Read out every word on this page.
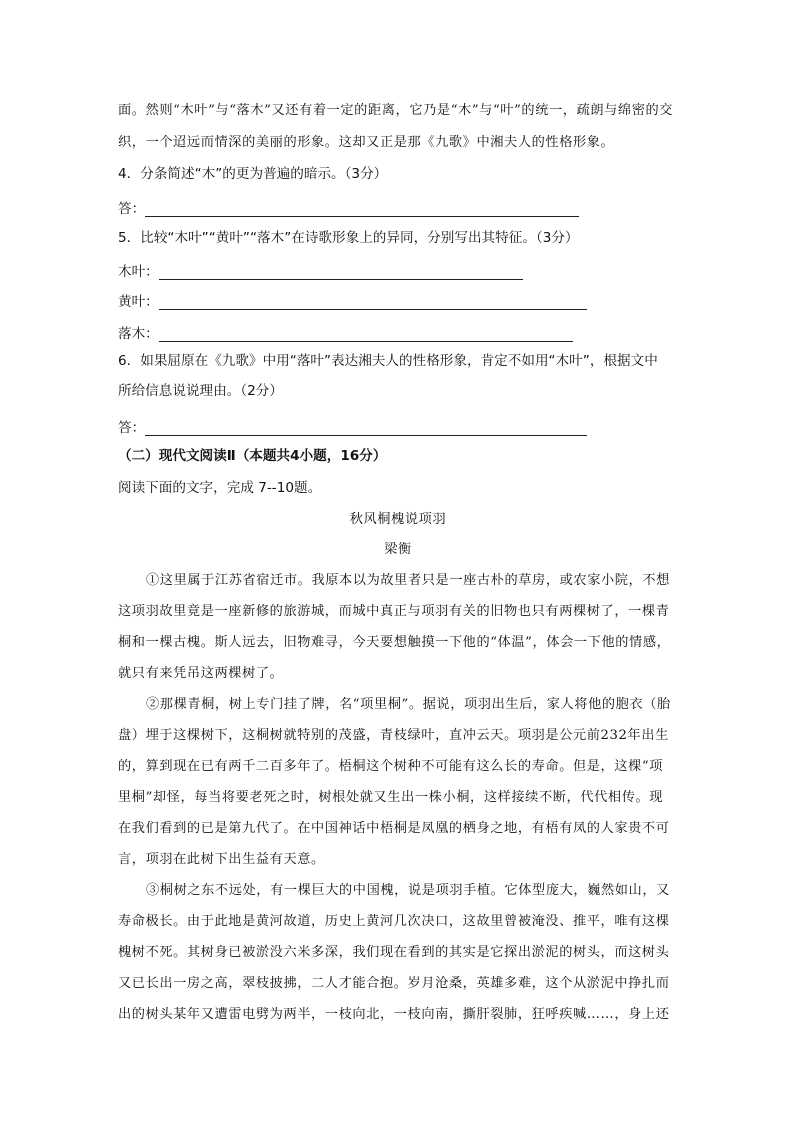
面。然则“木叶”与“落木”又还有着一定的距离，它乃是“木”与“叶”的统一，疏朗与绵密的交
织，一个迢远而情深的美丽的形象。这却又正是那《九歌》中湘夫人的性格形象。
4．分条简述“木”的更为普遍的暗示。（3分）
答：
5．比较“木叶”“黄叶”“落木”在诗歌形象上的异同，分别写出其特征。（3分）
木叶：
黄叶：
落木：
6．如果屈原在《九歌》中用“落叶”表达湘夫人的性格形象，肯定不如用“木叶”，根据文中
所给信息说说理由。（2分）
答：
（二）现代文阅读Ⅱ（本题共4小题，16分）
阅读下面的文字，完成 7--10题。
秋风桐槐说项羽
梁衡
①这里属于江苏省宿迁市。我原本以为故里者只是一座古朴的草房，或农家小院，不想
这项羽故里竟是一座新修的旅游城，而城中真正与项羽有关的旧物也只有两棵树了，一棵青
桐和一棵古槐。斯人远去，旧物难寻，今天要想触摸一下他的“体温”，体会一下他的情感，
就只有来凭吊这两棵树了。
②那棵青桐，树上专门挂了牌，名“项里桐”。据说，项羽出生后，家人将他的胞衣（胎
盘）埋于这棵树下，这桐树就特别的茂盛，青枝绿叶，直冲云天。项羽是公元前232年出生
的，算到现在已有两千二百多年了。梧桐这个树种不可能有这么长的寿命。但是，这棵“项
里桐”却怪，每当将要老死之时，树根处就又生出一株小桐，这样接续不断，代代相传。现
在我们看到的已是第九代了。在中国神话中梧桐是凤凰的栖身之地，有梧有凤的人家贵不可
言，项羽在此树下出生益有天意。
③桐树之东不远处，有一棵巨大的中国槐，说是项羽手植。它体型庞大，巍然如山，又
寿命极长。由于此地是黄河故道，历史上黄河几次决口，这故里曾被淹没、推平，唯有这棵
槐树不死。其树身已被淤没六米多深，我们现在看到的其实是它探出淤泥的树头，而这树头
又已长出一房之高，翠枝披拂，二人才能合抱。岁月沧桑，英雄多难，这个从淤泥中挣扎而
出的树头某年又遭雷电劈为两半，一枝向北，一枝向南，撕肝裂肺，狂呼疾喊……，身上还
